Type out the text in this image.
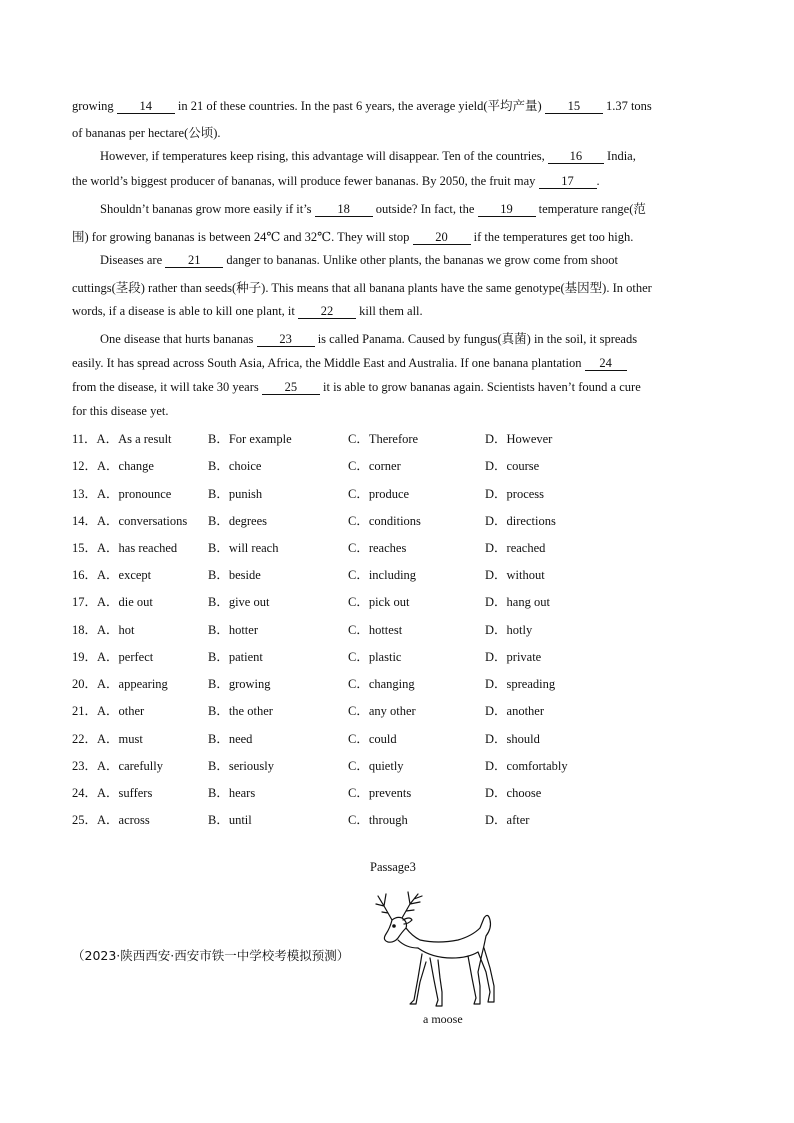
growing 14 in 21 of these countries. In the past 6 years, the average yield(平均产量) 15 1.37 tons
of bananas per hectare(公顷).
However, if temperatures keep rising, this advantage will disappear. Ten of the countries, 16 India,
the world’s biggest producer of bananas, will produce fewer bananas. By 2050, the fruit may 17 .
Shouldn’t bananas grow more easily if it’s 18 outside? In fact, the 19 temperature range(范
围) for growing bananas is between 24℃ and 32℃. They will stop 20 if the temperatures get too high.
Diseases are 21 danger to bananas. Unlike other plants, the bananas we grow come from shoot
cuttings(茎段) rather than seeds(种子). This means that all banana plants have the same genotype(基因型). In other
words, if a disease is able to kill one plant, it 22 kill them all.
One disease that hurts bananas 23 is called Panama. Caused by fungus(真菌) in the soil, it spreads
easily. It has spread across South Asia, Africa, the Middle East and Australia. If one banana plantation 24
from the disease, it will take 30 years 25 it is able to grow bananas again. Scientists haven’t found a cure
for this disease yet.
11．A．As a result	B．For example	C．Therefore	D．However
12．A．change	B．choice	C．corner	D．course
13．A．pronounce	B．punish	C．produce	D．process
14．A．conversations B．degrees	C．conditions	D．directions
15．A．has reached B．will reach	C．reaches	D．reached
16．A．except	B．beside	C．including	D．without
17．A．die out	B．give out	C．pick out	D．hang out
18．A．hot	B．hotter	C．hottest	D．hotly
19．A．perfect	B．patient	C．plastic	D．private
20．A．appearing	B．growing	C．changing	D．spreading
21．A．other	B．the other	C．any other	D．another
22．A．must	B．need	C．could	D．should
23．A．carefully	B．seriously	C．quietly	D．comfortably
24．A．suffers	B．hears	C．prevents	D．choose
25．A．across	B．until	C．through	D．after
Passage3
（2023·陕西西安·西安市铁一中学校考模拟预测）
a moose
